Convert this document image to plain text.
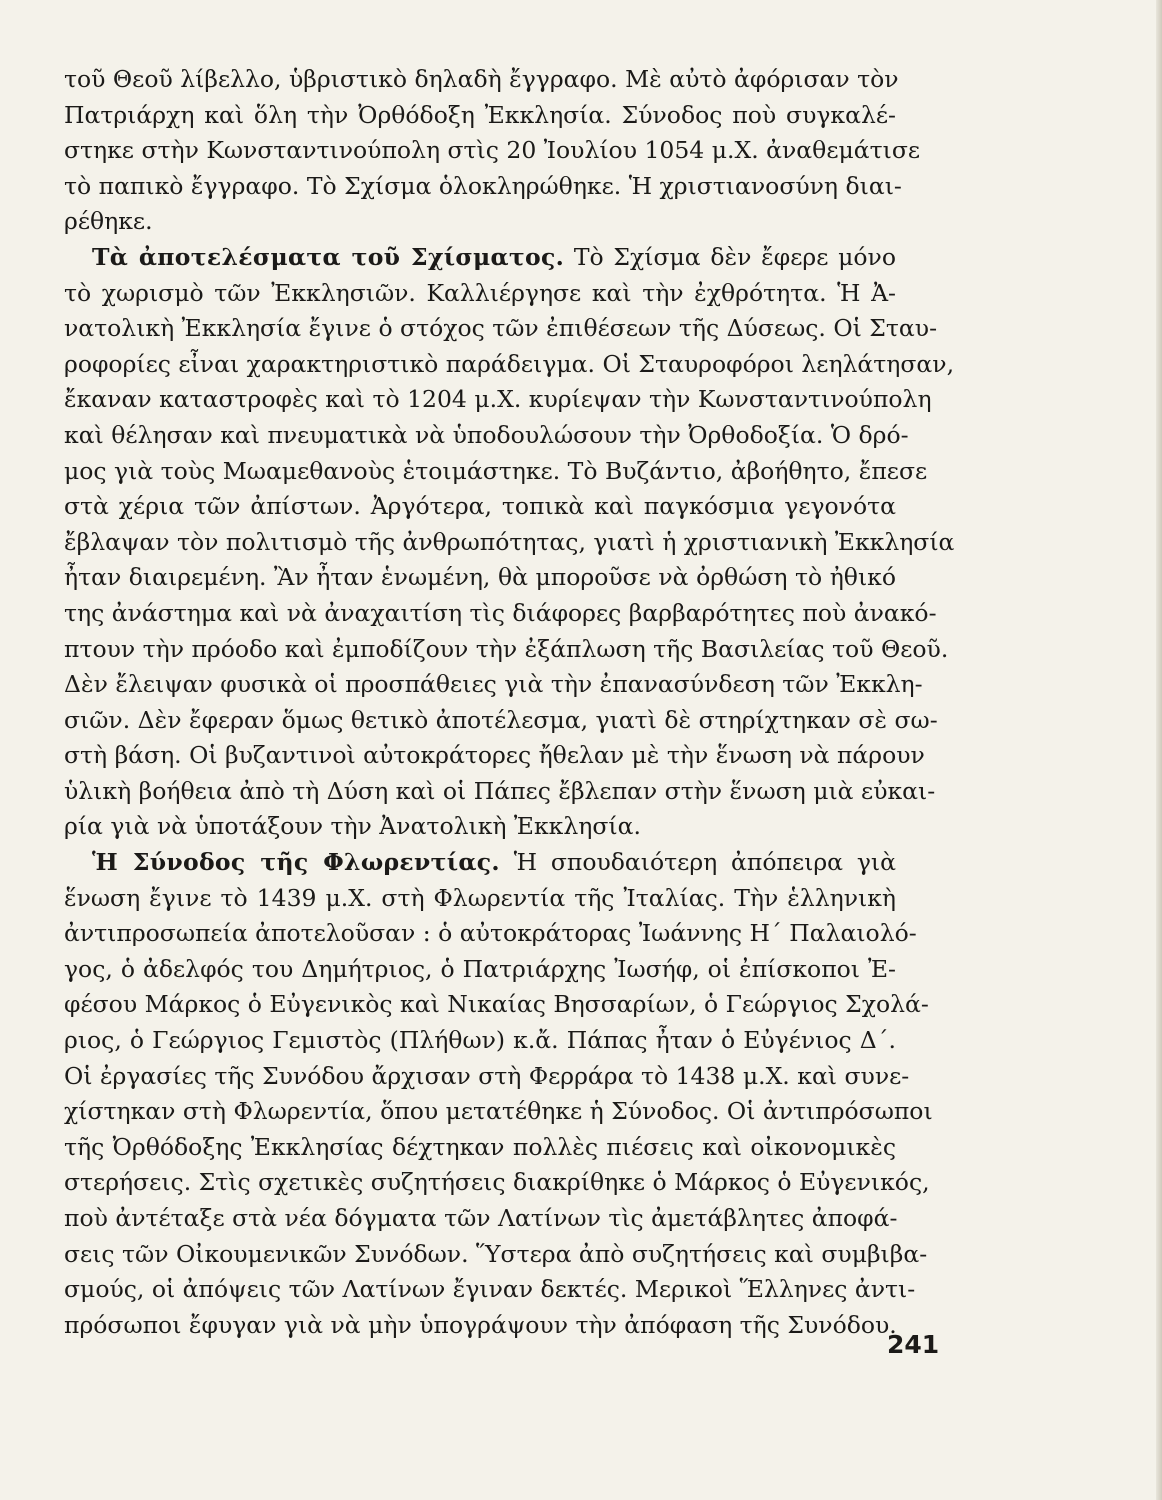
τοῦ Θεοῦ λίβελλο, ὑβριστικὸ δηλαδὴ ἔγγραφο. Μὲ αὐτὸ ἀφόρισαν τὸν
Πατριάρχη καὶ ὅλη τὴν Ὀρθόδοξη Ἐκκλησία. Σύνοδος ποὺ συγκαλέ-
στηκε στὴν Κωνσταντινούπολη στὶς 20 Ἰουλίου 1054 μ.Χ. ἀναθεμάτισε
τὸ παπικὸ ἔγγραφο. Τὸ Σχίσμα ὁλοκληρώθηκε. Ἡ χριστιανοσύνη διαι-
ρέθηκε.
Τὰ ἀποτελέσματα τοῦ Σχίσματος. Τὸ Σχίσμα δὲν ἔφερε μόνο
τὸ χωρισμὸ τῶν Ἐκκλησιῶν. Καλλιέργησε καὶ τὴν ἐχθρότητα. Ἡ Ἀ-
νατολικὴ Ἐκκλησία ἔγινε ὁ στόχος τῶν ἐπιθέσεων τῆς Δύσεως. Οἱ Σταυ-
ροφορίες εἶναι χαρακτηριστικὸ παράδειγμα. Οἱ Σταυροφόροι λεηλάτησαν,
ἔκαναν καταστροφὲς καὶ τὸ 1204 μ.Χ. κυρίεψαν τὴν Κωνσταντινούπολη
καὶ θέλησαν καὶ πνευματικὰ νὰ ὑποδουλώσουν τὴν Ὀρθοδοξία. Ὁ δρό-
μος γιὰ τοὺς Μωαμεθανοὺς ἑτοιμάστηκε. Τὸ Βυζάντιο, ἀβοήθητο, ἔπεσε
στὰ χέρια τῶν ἀπίστων. Ἀργότερα, τοπικὰ καὶ παγκόσμια γεγονότα
ἔβλαψαν τὸν πολιτισμὸ τῆς ἀνθρωπότητας, γιατὶ ἡ χριστιανικὴ Ἐκκλησία
ἦταν διαιρεμένη. Ἂν ἦταν ἑνωμένη, θὰ μποροῦσε νὰ ὀρθώση τὸ ἠθικό
της ἀνάστημα καὶ νὰ ἀναχαιτίση τὶς διάφορες βαρβαρότητες ποὺ ἀνακό-
πτουν τὴν πρόοδο καὶ ἐμποδίζουν τὴν ἐξάπλωση τῆς Βασιλείας τοῦ Θεοῦ.
Δὲν ἔλειψαν φυσικὰ οἱ προσπάθειες γιὰ τὴν ἐπανασύνδεση τῶν Ἐκκλη-
σιῶν. Δὲν ἔφεραν ὅμως θετικὸ ἀποτέλεσμα, γιατὶ δὲ στηρίχτηκαν σὲ σω-
στὴ βάση. Οἱ βυζαντινοὶ αὐτοκράτορες ἤθελαν μὲ τὴν ἕνωση νὰ πάρουν
ὑλικὴ βοήθεια ἀπὸ τὴ Δύση καὶ οἱ Πάπες ἔβλεπαν στὴν ἕνωση μιὰ εὐκαι-
ρία γιὰ νὰ ὑποτάξουν τὴν Ἀνατολικὴ Ἐκκλησία.
Ἡ Σύνοδος τῆς Φλωρεντίας. Ἡ σπουδαιότερη ἀπόπειρα γιὰ
ἕνωση ἔγινε τὸ 1439 μ.Χ. στὴ Φλωρεντία τῆς Ἰταλίας. Τὴν ἑλληνικὴ
ἀντιπροσωπεία ἀποτελοῦσαν : ὁ αὐτοκράτορας Ἰωάννης Η΄ Παλαιολό-
γος, ὁ ἀδελφός του Δημήτριος, ὁ Πατριάρχης Ἰωσήφ, οἱ ἐπίσκοποι Ἐ-
φέσου Μάρκος ὁ Εὐγενικὸς καὶ Νικαίας Βησσαρίων, ὁ Γεώργιος Σχολά-
ριος, ὁ Γεώργιος Γεμιστὸς (Πλήθων) κ.ἄ. Πάπας ἦταν ὁ Εὐγένιος Δ΄.
Οἱ ἐργασίες τῆς Συνόδου ἄρχισαν στὴ Φερράρα τὸ 1438 μ.Χ. καὶ συνε-
χίστηκαν στὴ Φλωρεντία, ὅπου μετατέθηκε ἡ Σύνοδος. Οἱ ἀντιπρόσωποι
τῆς Ὀρθόδοξης Ἐκκλησίας δέχτηκαν πολλὲς πιέσεις καὶ οἰκονομικὲς
στερήσεις. Στὶς σχετικὲς συζητήσεις διακρίθηκε ὁ Μάρκος ὁ Εὐγενικός,
ποὺ ἀντέταξε στὰ νέα δόγματα τῶν Λατίνων τὶς ἀμετάβλητες ἀποφά-
σεις τῶν Οἰκουμενικῶν Συνόδων. Ὕστερα ἀπὸ συζητήσεις καὶ συμβιβα-
σμούς, οἱ ἀπόψεις τῶν Λατίνων ἔγιναν δεκτές. Μερικοὶ Ἕλληνες ἀντι-
πρόσωποι ἔφυγαν γιὰ νὰ μὴν ὑπογράψουν τὴν ἀπόφαση τῆς Συνόδου.
241
